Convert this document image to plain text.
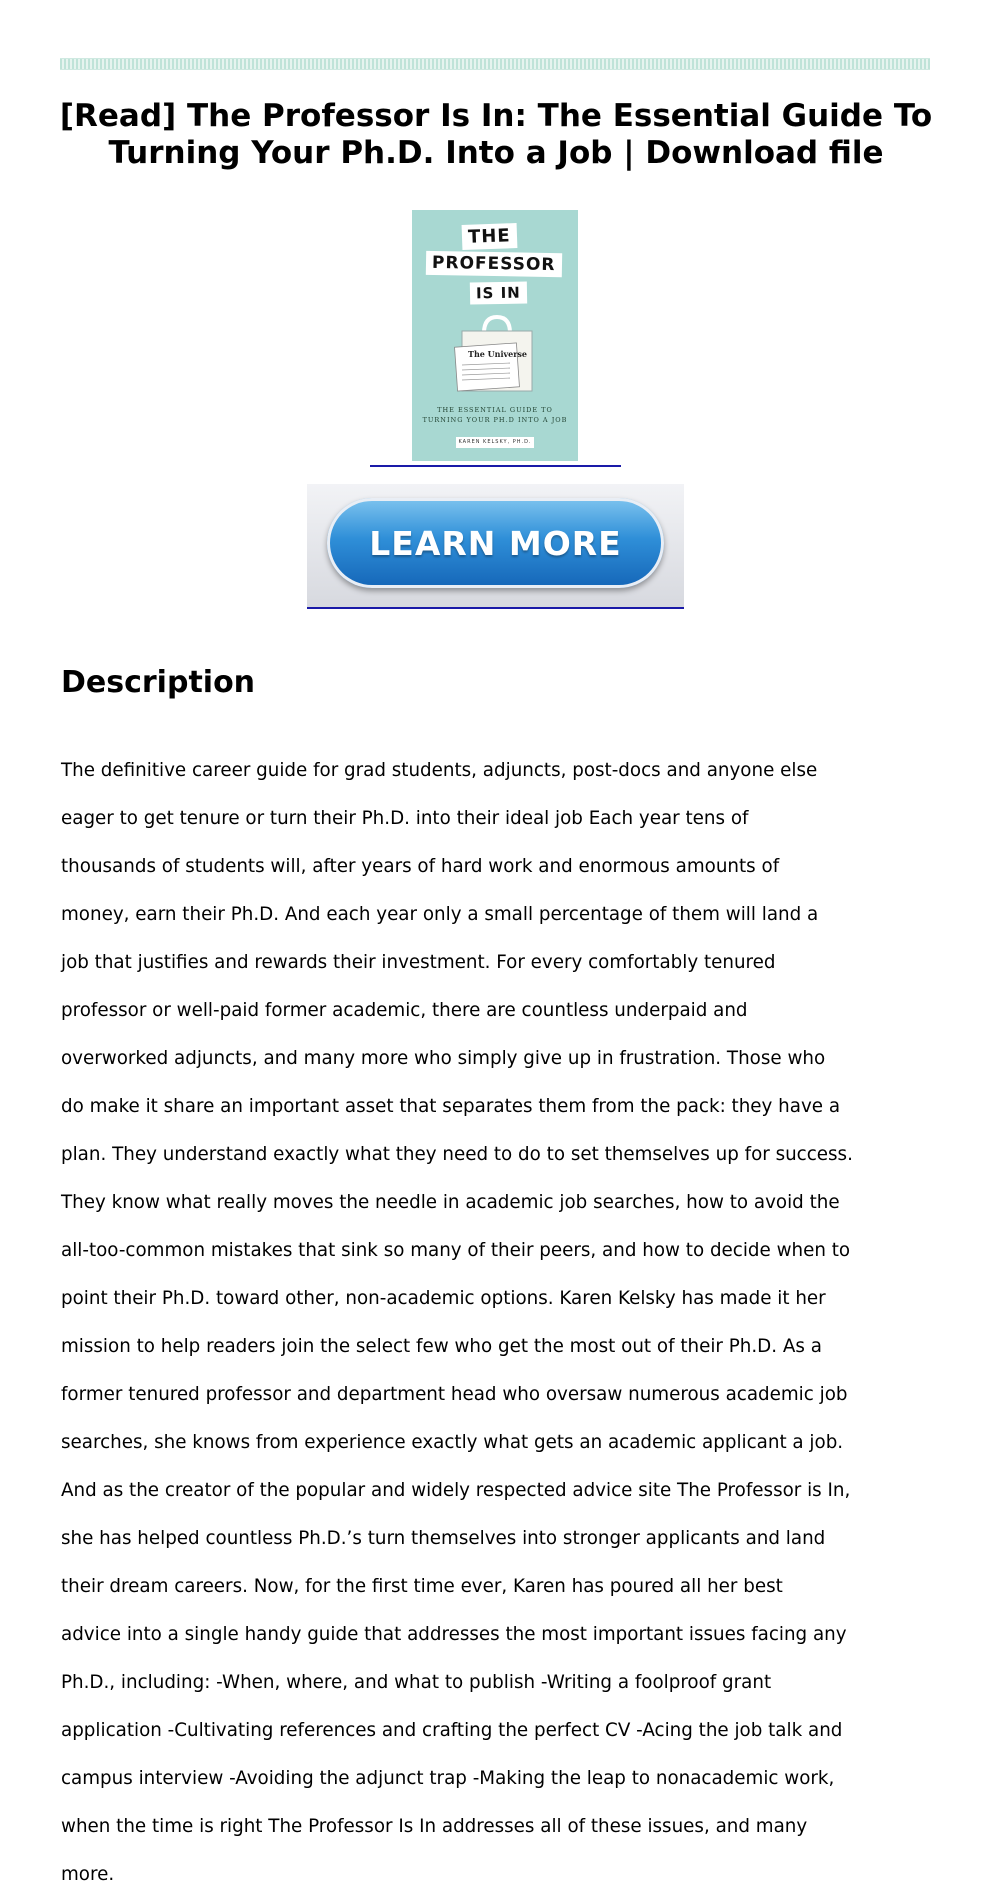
[Read] The Professor Is In: The Essential Guide To Turning Your Ph.D. Into a Job | Download file
THE
PROFESSOR
IS IN
The Universe
THE ESSENTIAL GUIDE TO TURNING YOUR PH.D INTO A JOB
KAREN KELSKY, PH.D.
LEARN MORE
Description

The definitive career guide for grad students, adjuncts, post-docs and anyone else

eager to get tenure or turn their Ph.D. into their ideal job Each year tens of

thousands of students will, after years of hard work and enormous amounts of

money, earn their Ph.D. And each year only a small percentage of them will land a

job that justifies and rewards their investment. For every comfortably tenured

professor or well-paid former academic, there are countless underpaid and

overworked adjuncts, and many more who simply give up in frustration. Those who

do make it share an important asset that separates them from the pack: they have a

plan. They understand exactly what they need to do to set themselves up for success.

They know what really moves the needle in academic job searches, how to avoid the

all-too-common mistakes that sink so many of their peers, and how to decide when to

point their Ph.D. toward other, non-academic options. Karen Kelsky has made it her

mission to help readers join the select few who get the most out of their Ph.D. As a

former tenured professor and department head who oversaw numerous academic job

searches, she knows from experience exactly what gets an academic applicant a job.

And as the creator of the popular and widely respected advice site The Professor is In,

she has helped countless Ph.D.’s turn themselves into stronger applicants and land

their dream careers. Now, for the first time ever, Karen has poured all her best

advice into a single handy guide that addresses the most important issues facing any

Ph.D., including: -When, where, and what to publish -Writing a foolproof grant

application -Cultivating references and crafting the perfect CV -Acing the job talk and

campus interview -Avoiding the adjunct trap -Making the leap to nonacademic work,

when the time is right The Professor Is In addresses all of these issues, and many

more.
